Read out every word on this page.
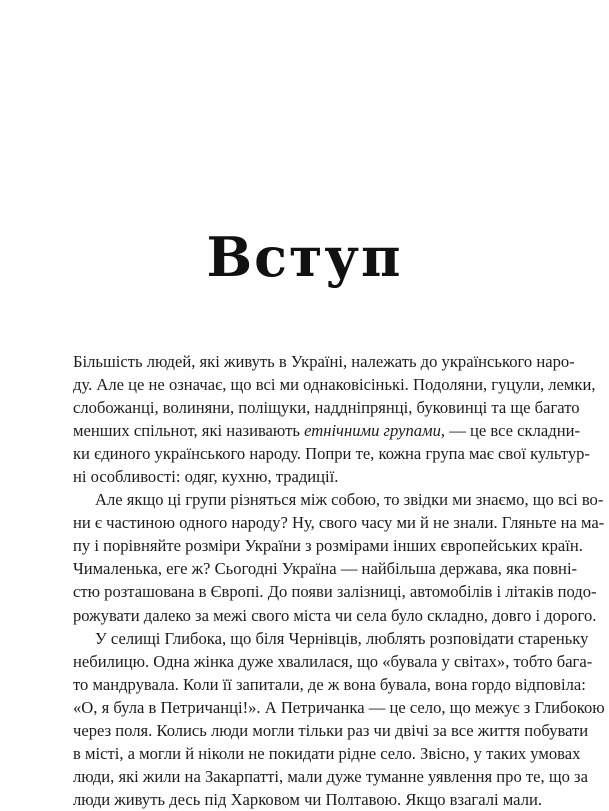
Вступ
Більшість людей, які живуть в Україні, належать до українського наро-
ду. Але це не означає, що всі ми однаковісінькі. Подоляни, гуцули, лемки,
слобожанці, волиняни, поліщуки, наддніпрянці, буковинці та ще багато
менших спільнот, які називають етнічними групами, — це все складни-
ки єдиного українського народу. Попри те, кожна група має свої культур-
ні особливості: одяг, кухню, традиції.
Але якщо ці групи різняться між собою, то звідки ми знаємо, що всі во-
ни є частиною одного народу? Ну, свого часу ми й не знали. Гляньте на ма-
пу і порівняйте розміри України з розмірами інших європейських країн.
Чималенька, еге ж? Сьогодні Україна — найбільша держава, яка повні-
стю розташована в Європі. До появи залізниці, автомобілів і літаків подо-
рожувати далеко за межі свого міста чи села було складно, довго і дорого.
У селищі Глибока, що біля Чернівців, люблять розповідати стареньку
небилицю. Одна жінка дуже хвалилася, що «бувала у світах», тобто бага-
то мандрувала. Коли її запитали, де ж вона бувала, вона гордо відповіла:
«О, я була в Петричанці!». А Петричанка — це село, що межує з Глибокою
через поля. Колись люди могли тільки раз чи двічі за все життя побувати
в місті, а могли й ніколи не покидати рідне село. Звісно, у таких умовах
люди, які жили на Закарпатті, мали дуже туманне уявлення про те, що за
люди живуть десь під Харковом чи Полтавою. Якщо взагалі мали.
